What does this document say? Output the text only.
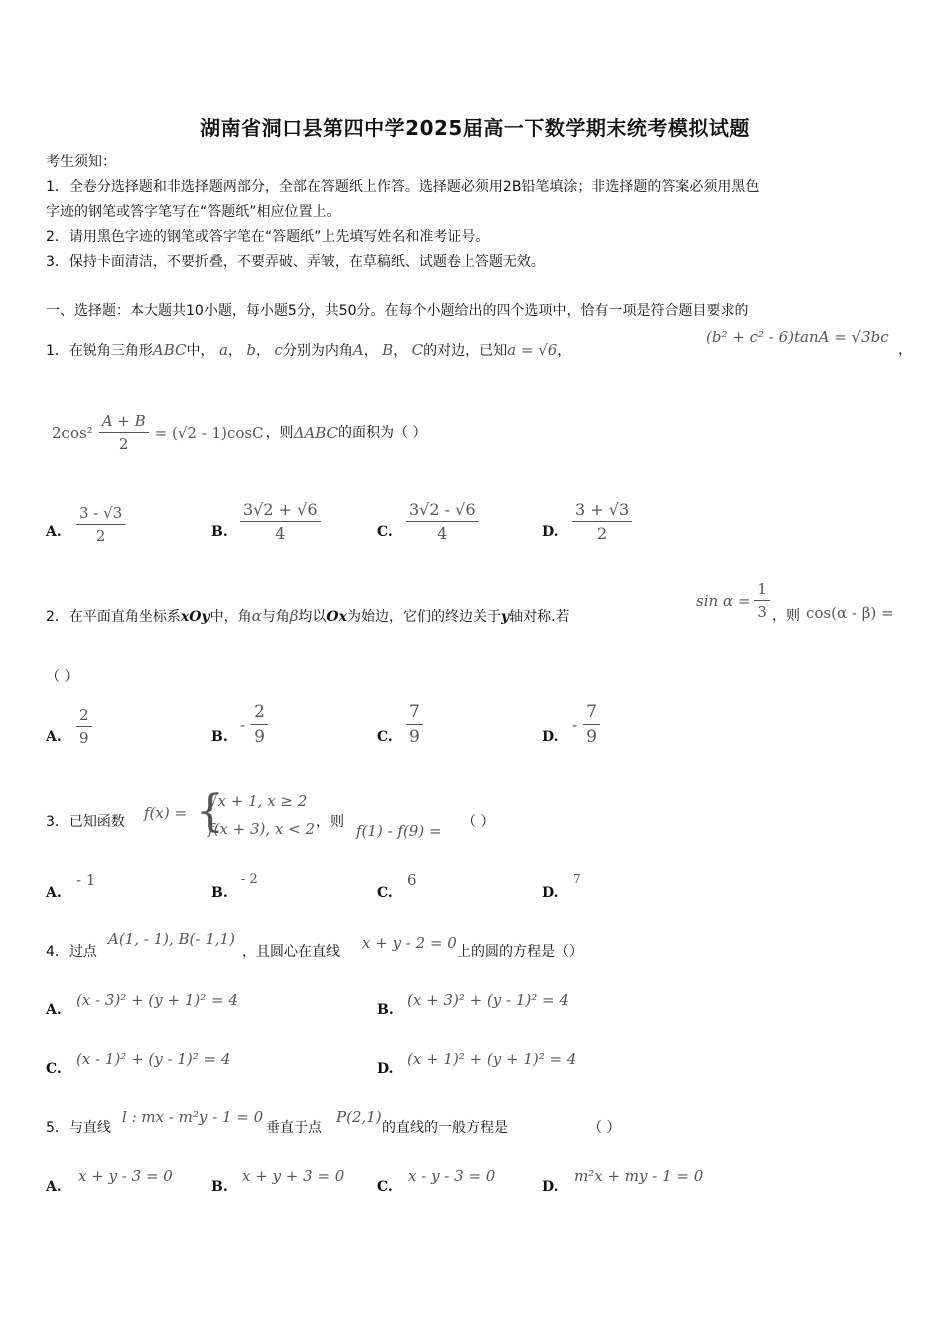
湖南省洞口县第四中学2025届高一下数学期末统考模拟试题
考生须知：
1．全卷分选择题和非选择题两部分，全部在答题纸上作答。选择题必须用2B铅笔填涂；非选择题的答案必须用黑色
字迹的钢笔或答字笔写在“答题纸”相应位置上。
2．请用黑色字迹的钢笔或答字笔在“答题纸”上先填写姓名和准考证号。
3．保持卡面清洁，不要折叠，不要弄破、弄皱，在草稿纸、试题卷上答题无效。
一、选择题：本大题共10小题，每小题5分，共50分。在每个小题给出的四个选项中，恰有一项是符合题目要求的
1．在锐角三角形ABC中， a， b， c分别为内角A， B， C的对边，已知a = √6，
(b² + c² - 6)tanA = √3bc
，
$2\cos^2 \frac{A + B}{2} = (√2 - 1)\cos C$ ，则 ΔABC 的面积为（ ）
A. $\frac{3 - √3}{2}$	B. $\frac{3√2 + √6}{4}$	C. $\frac{3√2 - √6}{4}$	D. $\frac{3 + √3}{2}$
2．在平面直角坐标系xOy中，角α与角β均以Ox为始边，它们的终边关于y轴对称.若
$\sin \alpha = \frac{1}{3}$ ，则 cos(α - β) =
（ ）
A. $\frac{2}{9}$	B.
- $\frac{2}{9}$	C. $\frac{7}{9}$	D.
- $\frac{7}{9}$
3．已知函数 f(x) = {
√x + 1, x ≥ 2
f(x + 3), x < 2 ，则 f(1) - f(9) = （ ）
A.
- 1
B.
- 2
C.
6
D.
7
4．过点
A(1, - 1), B(- 1,1)
，且圆心在直线 x + y - 2 = 0 上的圆的方程是（）
A.
(x - 3)² + (y + 1)² = 4
B.
(x + 3)² + (y - 1)² = 4
C.
(x - 1)² + (y - 1)² = 4
D.
(x + 1)² + (y + 1)² = 4
5．与直线
l : mx - m²y - 1 = 0
垂直于点
P(2,1)
的直线的一般方程是	（ ）
A.
x + y - 3 = 0
B.
x + y + 3 = 0
C.
x - y - 3 = 0
D.
m²x + my - 1 = 0
